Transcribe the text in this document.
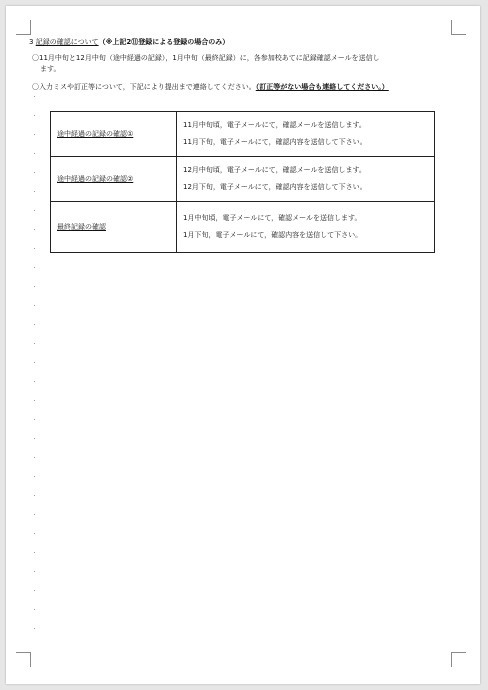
3 記録の確認について（※上記2⑪登録による登録の場合のみ）
〇11月中旬と12月中旬（途中経過の記録），1月中旬（最終記録）に，各参加校あてに記録確認メールを送信し
ます。
〇入力ミスや訂正等について，下記により提出まで連絡してください。（訂正等がない場合も連絡してください。）
途中経過の記録の確認①	11月中旬頃，電子メールにて，確認メールを送信します。
11月下旬，電子メールにて，確認内容を送信して下さい。

途中経過の記録の確認②	12月中旬頃，電子メールにて，確認メールを送信します。
12月下旬，電子メールにて，確認内容を送信して下さい。

最終記録の確認	1月中旬頃，電子メールにて，確認メールを送信します。
1月下旬，電子メールにて，確認内容を送信して下さい。
